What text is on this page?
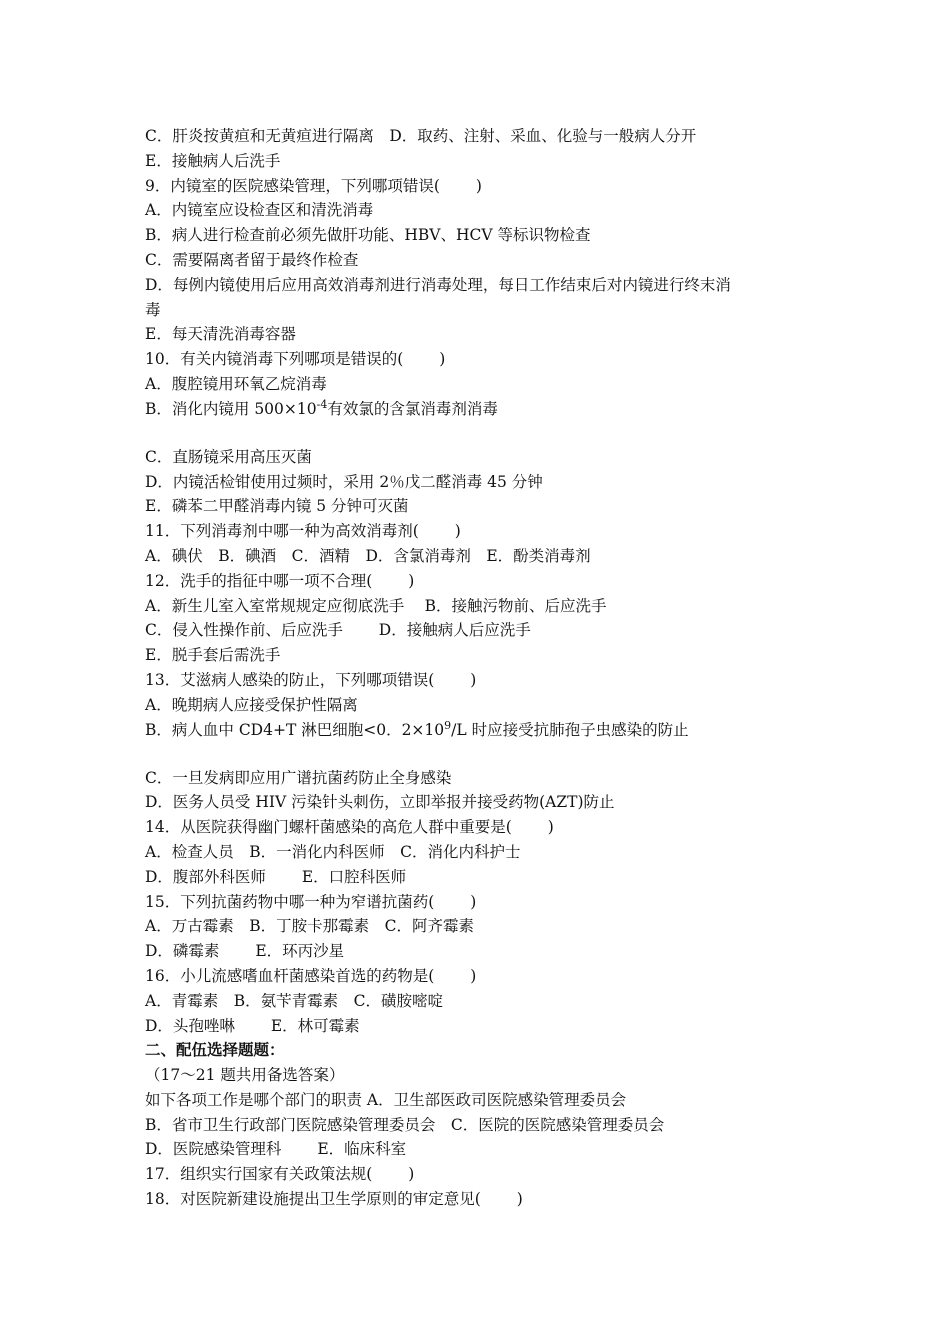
C．肝炎按黄疸和无黄疸进行隔离　D．取药、注射、采血、化验与一般病人分开
E．接触病人后洗手
9．内镜室的医院感染管理，下列哪项错误(　　 )
A．内镜室应设检查区和清洗消毒
B．病人进行检查前必须先做肝功能、HBV、HCV 等标识物检查
C．需要隔离者留于最终作检查
D．每例内镜使用后应用高效消毒剂进行消毒处理，每日工作结束后对内镜进行终末消
毒
E．每天清洗消毒容器
10．有关内镜消毒下列哪项是错误的(　　 )
A．腹腔镜用环氧乙烷消毒
B．消化内镜用 $500\times 10^{-4}$有效氯的含氯消毒剂消毒
C．直肠镜采用高压灭菌
D．内镜活检钳使用过频时，采用 2％戊二醛消毒 45 分钟
E．磷苯二甲醛消毒内镜 5 分钟可灭菌
11．下列消毒剂中哪一种为高效消毒剂(　　 )
A．碘伏　B．碘酒　C．酒精　D．含氯消毒剂　E．酚类消毒剂
12．洗手的指征中哪一项不合理(　　 )
A．新生儿室入室常规规定应彻底洗手　 B．接触污物前、后应洗手
C．侵入性操作前、后应洗手　　 D．接触病人后应洗手
E．脱手套后需洗手
13．艾滋病人感染的防止，下列哪项错误(　　 )
A．晚期病人应接受保护性隔离
B．病人血中 CD4+T 淋巴细胞<0．$2\times 10^9/L$ 时应接受抗肺孢子虫感染的防止
C．一旦发病即应用广谱抗菌药防止全身感染
D．医务人员受 HIV 污染针头刺伤，立即举报并接受药物(AZT)防止
14．从医院获得幽门螺杆菌感染的高危人群中重要是(　　 )
A．检查人员　B．一消化内科医师　C．消化内科护士
D．腹部外科医师　　 E．口腔科医师
15．下列抗菌药物中哪一种为窄谱抗菌药(　　 )
A．万古霉素　B．丁胺卡那霉素　C．阿齐霉素
D．磷霉素　　 E．环丙沙星
16．小儿流感嗜血杆菌感染首选的药物是(　　 )
A．青霉素　B．氨苄青霉素　C．磺胺嘧啶
D．头孢唑啉　　 E．林可霉素
二、配伍选择题题：
（17～21 题共用备选答案）
如下各项工作是哪个部门的职责 A．卫生部医政司医院感染管理委员会
B．省市卫生行政部门医院感染管理委员会　C．医院的医院感染管理委员会
D．医院感染管理科　　 E．临床科室
17．组织实行国家有关政策法规(　　 )
18．对医院新建设施提出卫生学原则的审定意见(　　 )
